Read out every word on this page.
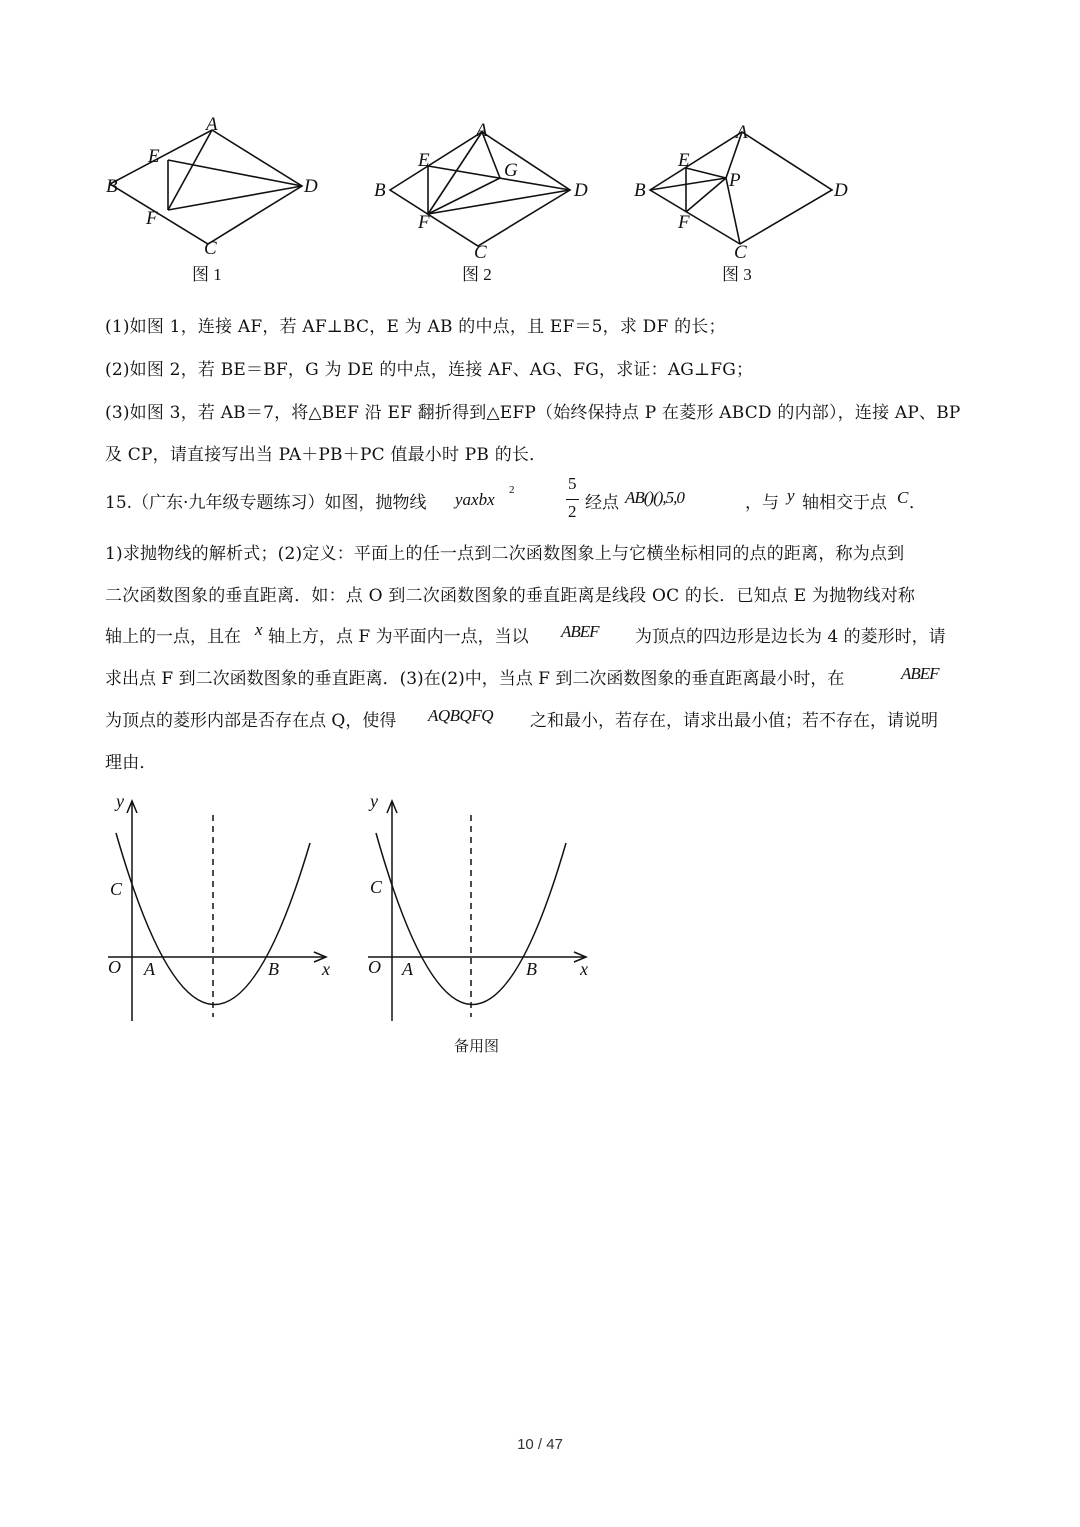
A
B
C
D
E
F
图 1
A
B
C
D
E
F
G
图 2
A
B
C
D
E
F
P
图 3
(1)如图 1，连接 AF，若 AF⊥BC，E 为 AB 的中点，且 EF＝5，求 DF 的长；
(2)如图 2，若 BE＝BF，G 为 DE 的中点，连接 AF、AG、FG，求证：AG⊥FG；
(3)如图 3，若 AB＝7，将△BEF 沿 EF 翻折得到△EFP（始终保持点 P 在菱形 ABCD 的内部），连接 AP、BP
及 CP，请直接写出当 PA＋PB＋PC 值最小时 PB 的长．
15.（广东·九年级专题练习）如图，抛物线 yaxbx 2	5
2 经点 AB()(),5,0	，与 y 轴相交于点 C ．
1)求抛物线的解析式；(2)定义：平面上的任一点到二次函数图象上与它横坐标相同的点的距离，称为点到
二次函数图象的垂直距离．如：点 O 到二次函数图象的垂直距离是线段 OC 的长．已知点 E 为抛物线对称
轴上的一点，且在 x 轴上方，点 F 为平面内一点，当以 ABEF 为顶点的四边形是边长为 4 的菱形时，请
求出点 F 到二次函数图象的垂直距离．(3)在(2)中，当点 F 到二次函数图象的垂直距离最小时，在	ABEF
为顶点的菱形内部是否存在点 Q，使得 AQBQFQ 之和最小，若存在，请求出最小值；若不存在，请说明
理由．
y
x
O A	B
C
y
x
O A	B
C
备用图
10 / 47
